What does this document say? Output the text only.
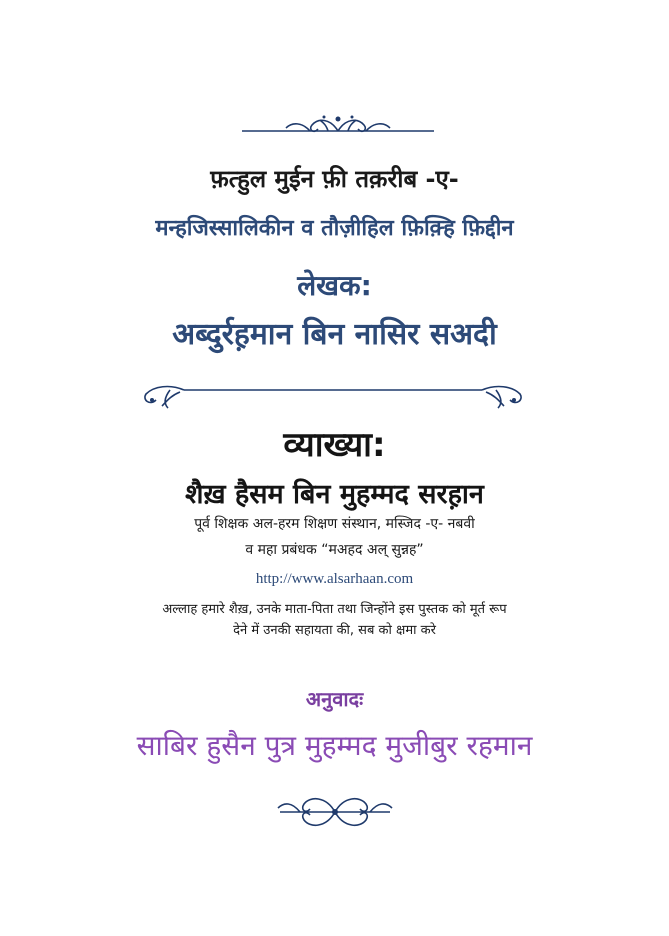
फ़त्हुल मुईन फ़ी तक़रीब -ए-
मन्हजिस्सालिकीन व तौज़ीहिल फ़िक़्हि फ़िद्दीन
लेखक:
अब्दुर्रह़मान बिन नासिर सअदी
व्याख्या:
शैख़ हैसम बिन मुहम्मद सरह़ान
पूर्व शिक्षक अल-हरम शिक्षण संस्थान, मस्जिद -ए- नबवी
व महा प्रबंधक “मअहद अल् सुन्नह”
http://www.alsarhaan.com
अल्लाह हमारे शैख़, उनके माता-पिता तथा जिन्होंने इस पुस्तक को मूर्त रूप
देने में उनकी सहायता की, सब को क्षमा करे
अनुवादः
साबिर हुसैन पुत्र मुहम्मद मुजीबुर रहमान
